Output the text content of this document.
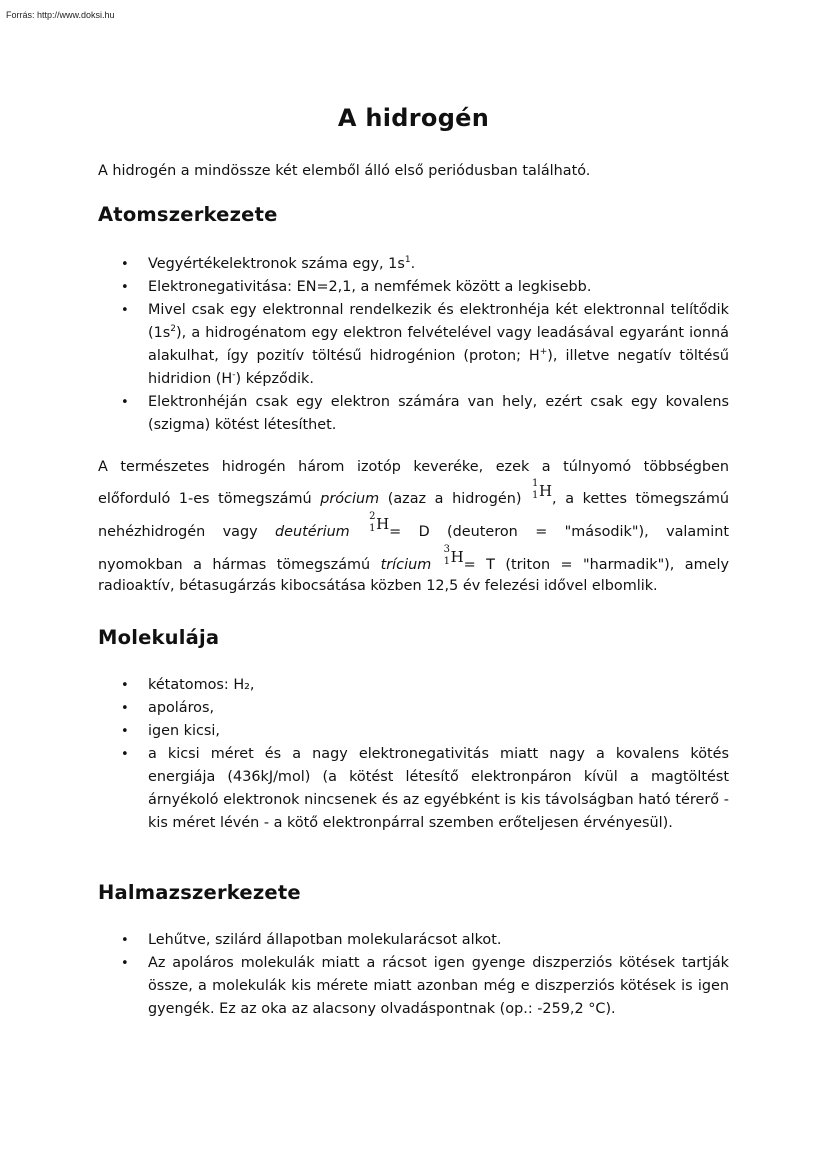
Forrás: http://www.doksi.hu
A hidrogén

A hidrogén a mindössze két elemből álló első periódusban található.

Atomszerkezete
• Vegyértékelektronok száma egy, $1s^1$.
• Elektronegativitása: EN=2,1, a nemfémek között a legkisebb.
• Mivel csak egy elektronnal rendelkezik és elektronhéja két elektronnal telítődik $(1s^2)$, a hidrogénatom egy elektron felvételével vagy leadásával egyaránt ionná alakulhat, így pozitív töltésű hidrogénion (proton; H+), illetve negatív töltésű hidridion (H-) képződik.
• Elektronhéján csak egy elektron számára van hely, ezért csak egy kovalens (szigma) kötést létesíthet.
A természetes hidrogén három izotóp keveréke, ezek a túlnyomó többségben
előforduló 1-es tömegszámú prócium (azaz a hidrogén)
1
1 H , a kettes tömegszámú
nehézhidrogén vagy deutérium
2
1 H = D (deuteron = "második"), valamint
nyomokban a hármas tömegszámú trícium
3
1 H = T (triton = "harmadik"), amely
radioaktív, bétasugárzás kibocsátása közben 12,5 év felezési idővel elbomlik.
Molekulája
• kétatomos: H₂,
• apoláros,
• igen kicsi,
• a kicsi méret és a nagy elektronegativitás miatt nagy a kovalens kötés energiája (436kJ/mol) (a kötést létesítő elektronpáron kívül a magtöltést árnyékoló elektronok nincsenek és az egyébként is kis távolságban ható térerő - kis méret lévén - a kötő elektronpárral szemben erőteljesen érvényesül).
Halmazszerkezete
• Lehűtve, szilárd állapotban molekularácsot alkot.
• Az apoláros molekulák miatt a rácsot igen gyenge diszperziós kötések tartják össze, a molekulák kis mérete miatt azonban még e diszperziós kötések is igen gyengék. Ez az oka az alacsony olvadáspontnak (op.: -259,2 °C).
